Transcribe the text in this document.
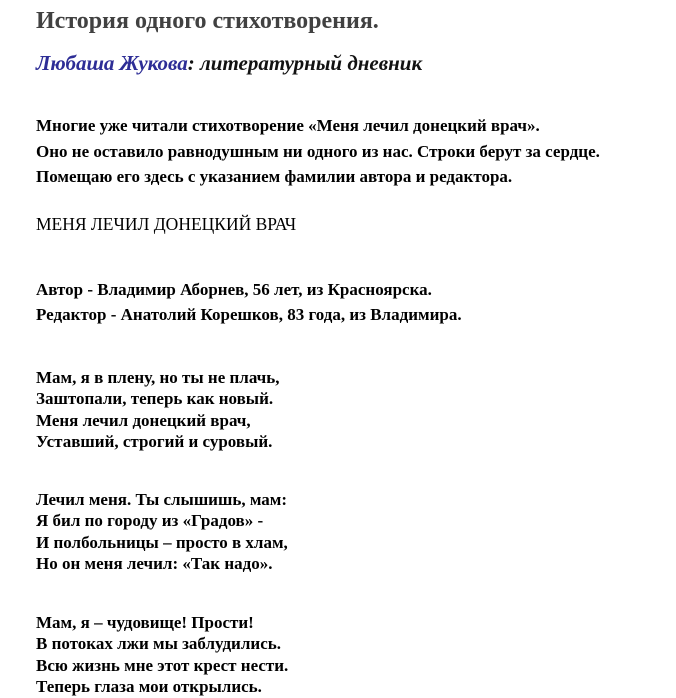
История одного стихотворения.
Любаша Жукова: литературный дневник
Многие уже читали стихотворение «Меня лечил донецкий врач».
Оно не оставило равнодушным ни одного из нас. Строки берут за сердце.
Помещаю его здесь с указанием фамилии автора и редактора.
МЕНЯ ЛЕЧИЛ ДОНЕЦКИЙ ВРАЧ
Автор - Владимир Аборнев, 56 лет, из Красноярска.
Редактор - Анатолий Корешков, 83 года, из Владимира.
Мам, я в плену, но ты не плачь,
Заштопали, теперь как новый.
Меня лечил донецкий врач,
Уставший, строгий и суровый.
Лечил меня. Ты слышишь, мам:
Я бил по городу из «Градов» -
И полбольницы – просто в хлам,
Но он меня лечил: «Так надо».
Мам, я – чудовище! Прости!
В потоках лжи мы заблудились.
Всю жизнь мне этот крест нести.
Теперь глаза мои открылись.
